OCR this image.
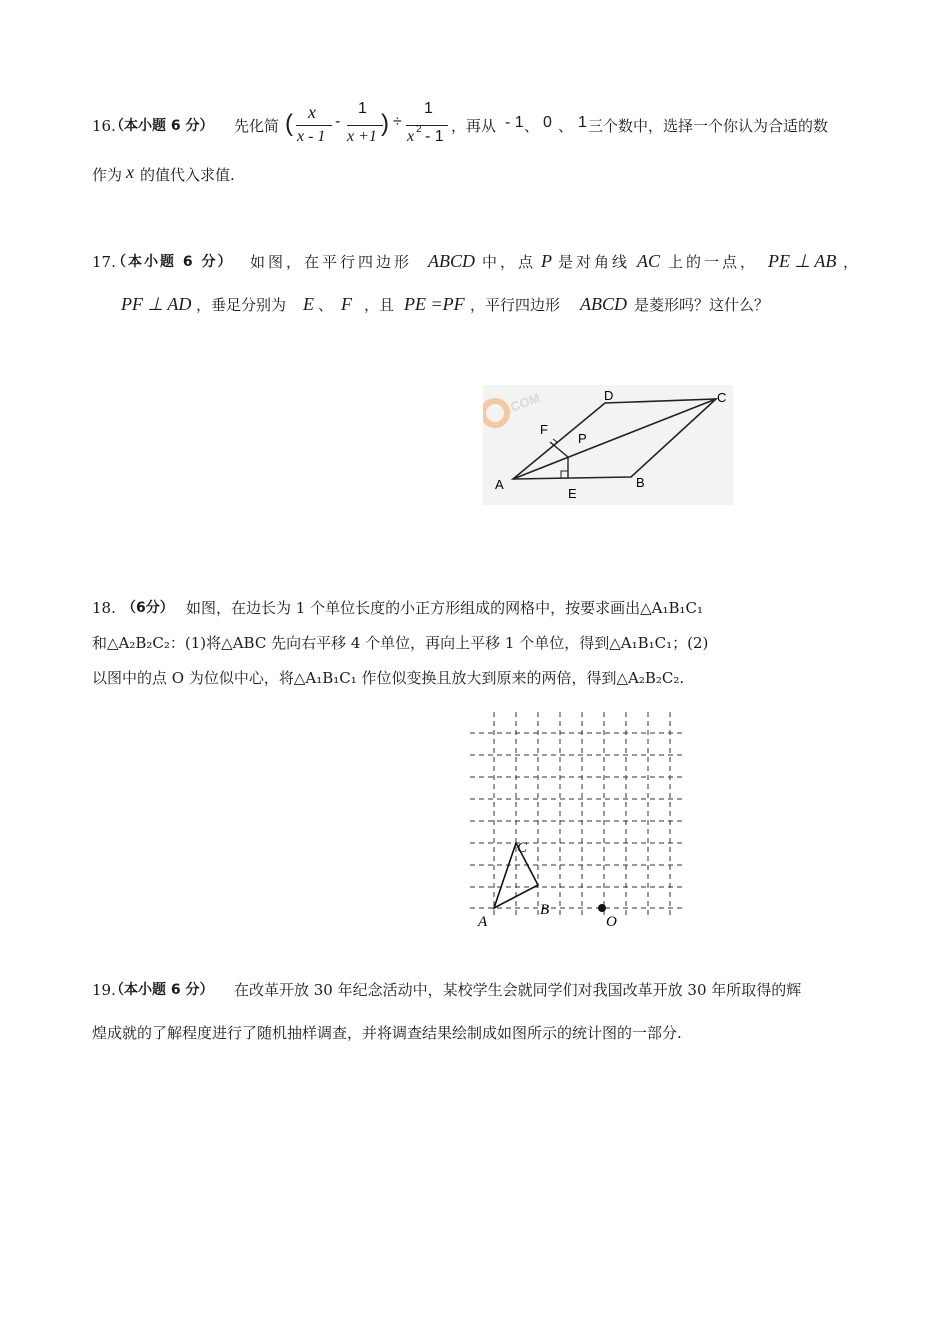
16.
（本小题 6 分） 先化简 ( x
x - 1
-
1
x +1 ) ÷
1
x 2 - 1
，再从 - 1 、 0 、 1 三个数中，选择一个你认为合适的数
作为 x 的值代入求值.
17.
（本小题 6 分） 如图，在平行四边形 ABCD 中，点 P 是对角线 AC 上的一点， PE ⊥ AB ，
PF ⊥ AD ，垂足分别为 E 、 F ，且 PE =PF ，平行四边形 ABCD 是菱形吗？这什么？
.COM
A	B
C
D
E
F
P
18. （6分） 如图，在边长为 1 个单位长度的小正方形组成的网格中，按要求画出△A₁B₁C₁
和△A₂B₂C₂：(1)将△ABC 先向右平移 4 个单位，再向上平移 1 个单位，得到△A₁B₁C₁；(2)
以图中的点 O 为位似中心，将△A₁B₁C₁ 作位似变换且放大到原来的两倍，得到△A₂B₂C₂.
A
B
C
O
19.
（本小题 6 分） 在改革开放 30 年纪念活动中，某校学生会就同学们对我国改革开放 30 年所取得的辉
煌成就的了解程度进行了随机抽样调查，并将调查结果绘制成如图所示的统计图的一部分.
